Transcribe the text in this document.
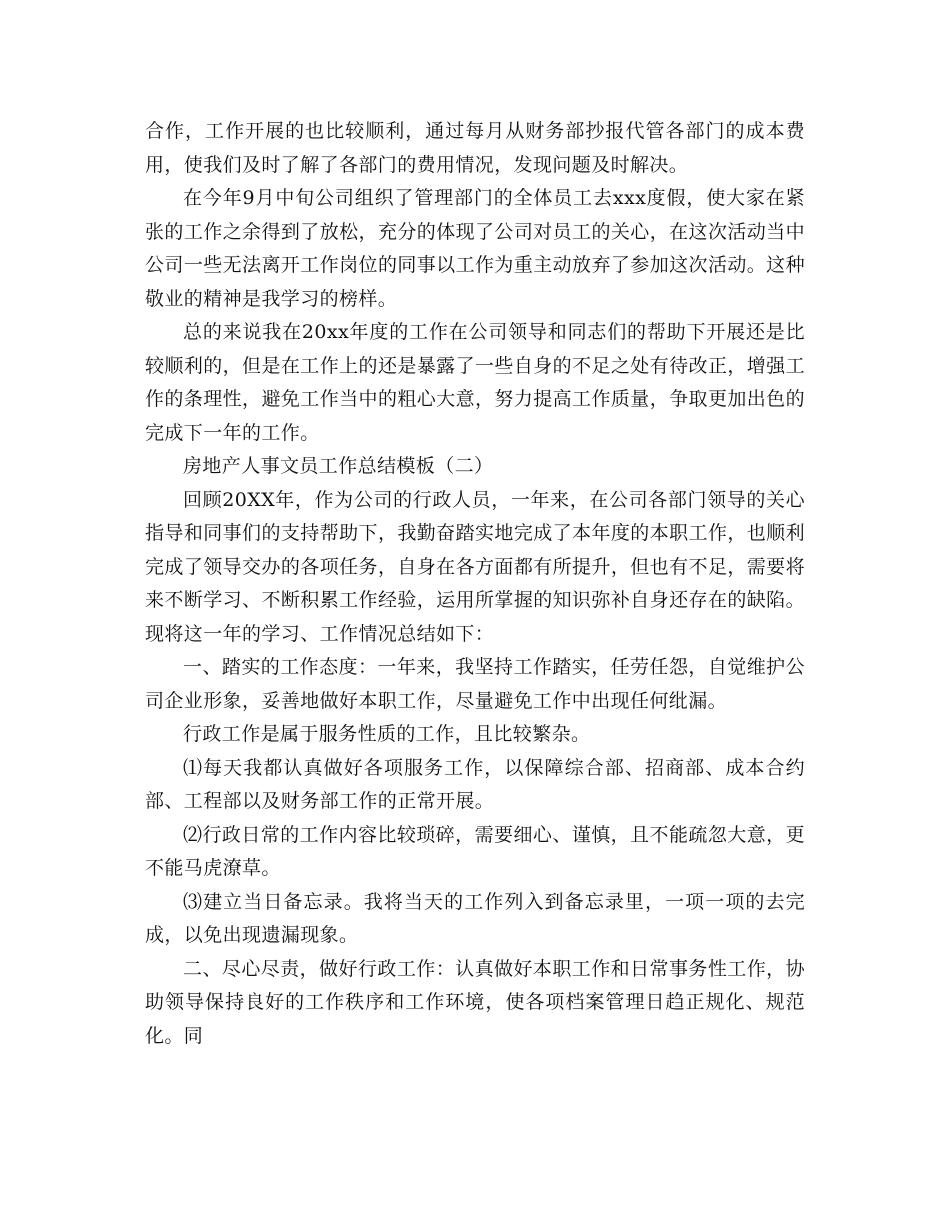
合作，工作开展的也比较顺利，通过每月从财务部抄报代管各部门的成本费用，使我们及时了解了各部门的费用情况，发现问题及时解决。

在今年9月中旬公司组织了管理部门的全体员工去xxx度假，使大家在紧张的工作之余得到了放松，充分的体现了公司对员工的关心，在这次活动当中公司一些无法离开工作岗位的同事以工作为重主动放弃了参加这次活动。这种敬业的精神是我学习的榜样。

总的来说我在20xx年度的工作在公司领导和同志们的帮助下开展还是比较顺利的，但是在工作上的还是暴露了一些自身的不足之处有待改正，增强工作的条理性，避免工作当中的粗心大意，努力提高工作质量，争取更加出色的完成下一年的工作。

房地产人事文员工作总结模板（二）

回顾20XX年，作为公司的行政人员，一年来，在公司各部门领导的关心指导和同事们的支持帮助下，我勤奋踏实地完成了本年度的本职工作，也顺利完成了领导交办的各项任务，自身在各方面都有所提升，但也有不足，需要将来不断学习、不断积累工作经验，运用所掌握的知识弥补自身还存在的缺陷。现将这一年的学习、工作情况总结如下：

一、踏实的工作态度：一年来，我坚持工作踏实，任劳任怨，自觉维护公司企业形象，妥善地做好本职工作，尽量避免工作中出现任何纰漏。

行政工作是属于服务性质的工作，且比较繁杂。

⑴每天我都认真做好各项服务工作，以保障综合部、招商部、成本合约部、工程部以及财务部工作的正常开展。

⑵行政日常的工作内容比较琐碎，需要细心、谨慎，且不能疏忽大意，更不能马虎潦草。

⑶建立当日备忘录。我将当天的工作列入到备忘录里，一项一项的去完成，以免出现遗漏现象。

二、尽心尽责，做好行政工作：认真做好本职工作和日常事务性工作，协助领导保持良好的工作秩序和工作环境，使各项档案管理日趋正规化、规范化。同
